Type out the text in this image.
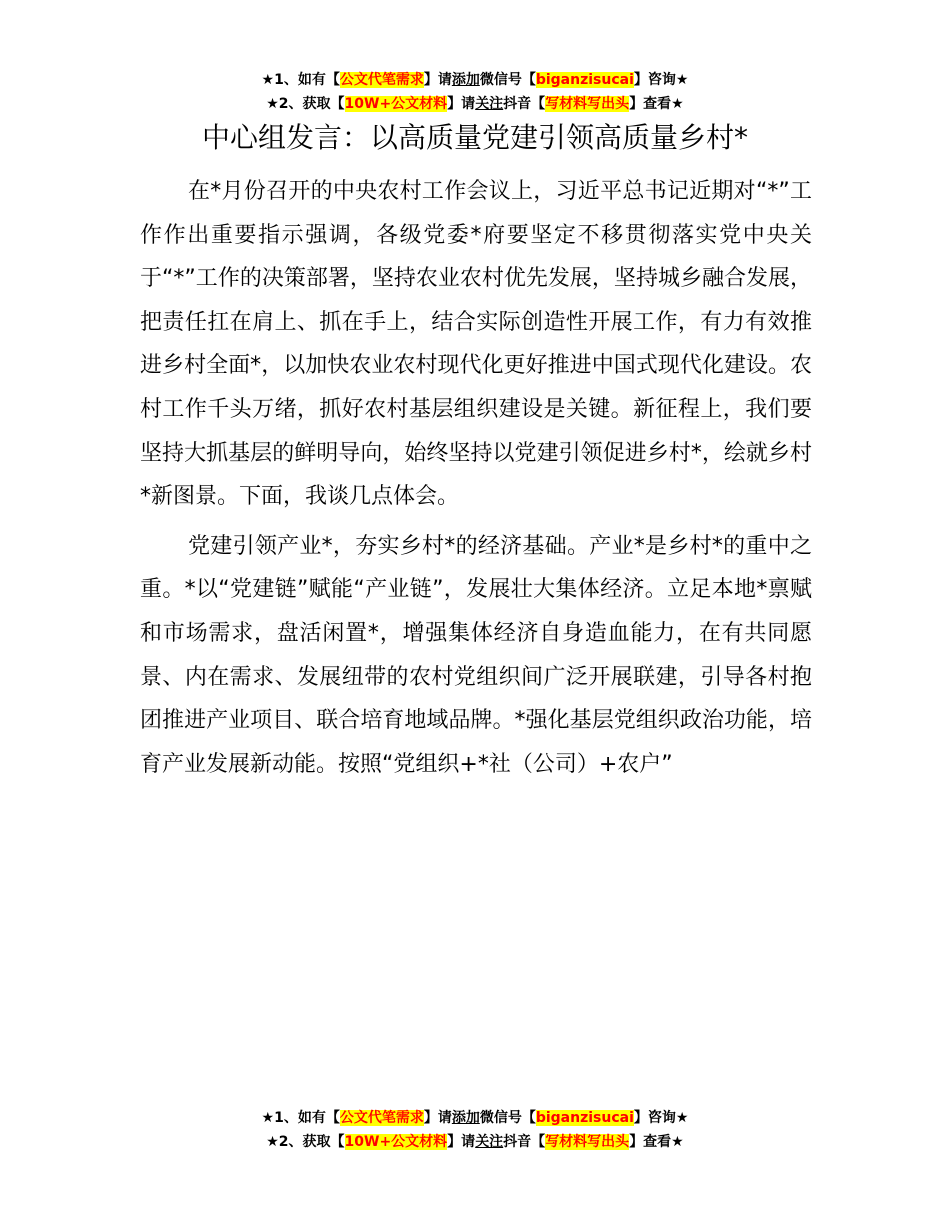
★1、如有【公文代笔需求】请添加微信号【biganzisucai】咨询★
★2、获取【10W+公文材料】请关注抖音【写材料写出头】查看★
中心组发言：以高质量党建引领高质量乡村*

在*月份召开的中央农村工作会议上，习近平总书记近期对“*”工作作出重要指示强调，各级党委*府要坚定不移贯彻落实党中央关于“*”工作的决策部署，坚持农业农村优先发展，坚持城乡融合发展，把责任扛在肩上、抓在手上，结合实际创造性开展工作，有力有效推进乡村全面*，以加快农业农村现代化更好推进中国式现代化建设。农村工作千头万绪，抓好农村基层组织建设是关键。新征程上，我们要坚持大抓基层的鲜明导向，始终坚持以党建引领促进乡村*，绘就乡村*新图景。下面，我谈几点体会。

党建引领产业*，夯实乡村*的经济基础。产业*是乡村*的重中之重。*以“党建链”赋能“产业链”，发展壮大集体经济。立足本地*禀赋和市场需求，盘活闲置*，增强集体经济自身造血能力，在有共同愿景、内在需求、发展纽带的农村党组织间广泛开展联建，引导各村抱团推进产业项目、联合培育地域品牌。*强化基层党组织政治功能，培育产业发展新动能。按照“党组织+*社（公司）+农户”

★1、如有【公文代笔需求】请添加微信号【biganzisucai】咨询★
★2、获取【10W+公文材料】请关注抖音【写材料写出头】查看★
